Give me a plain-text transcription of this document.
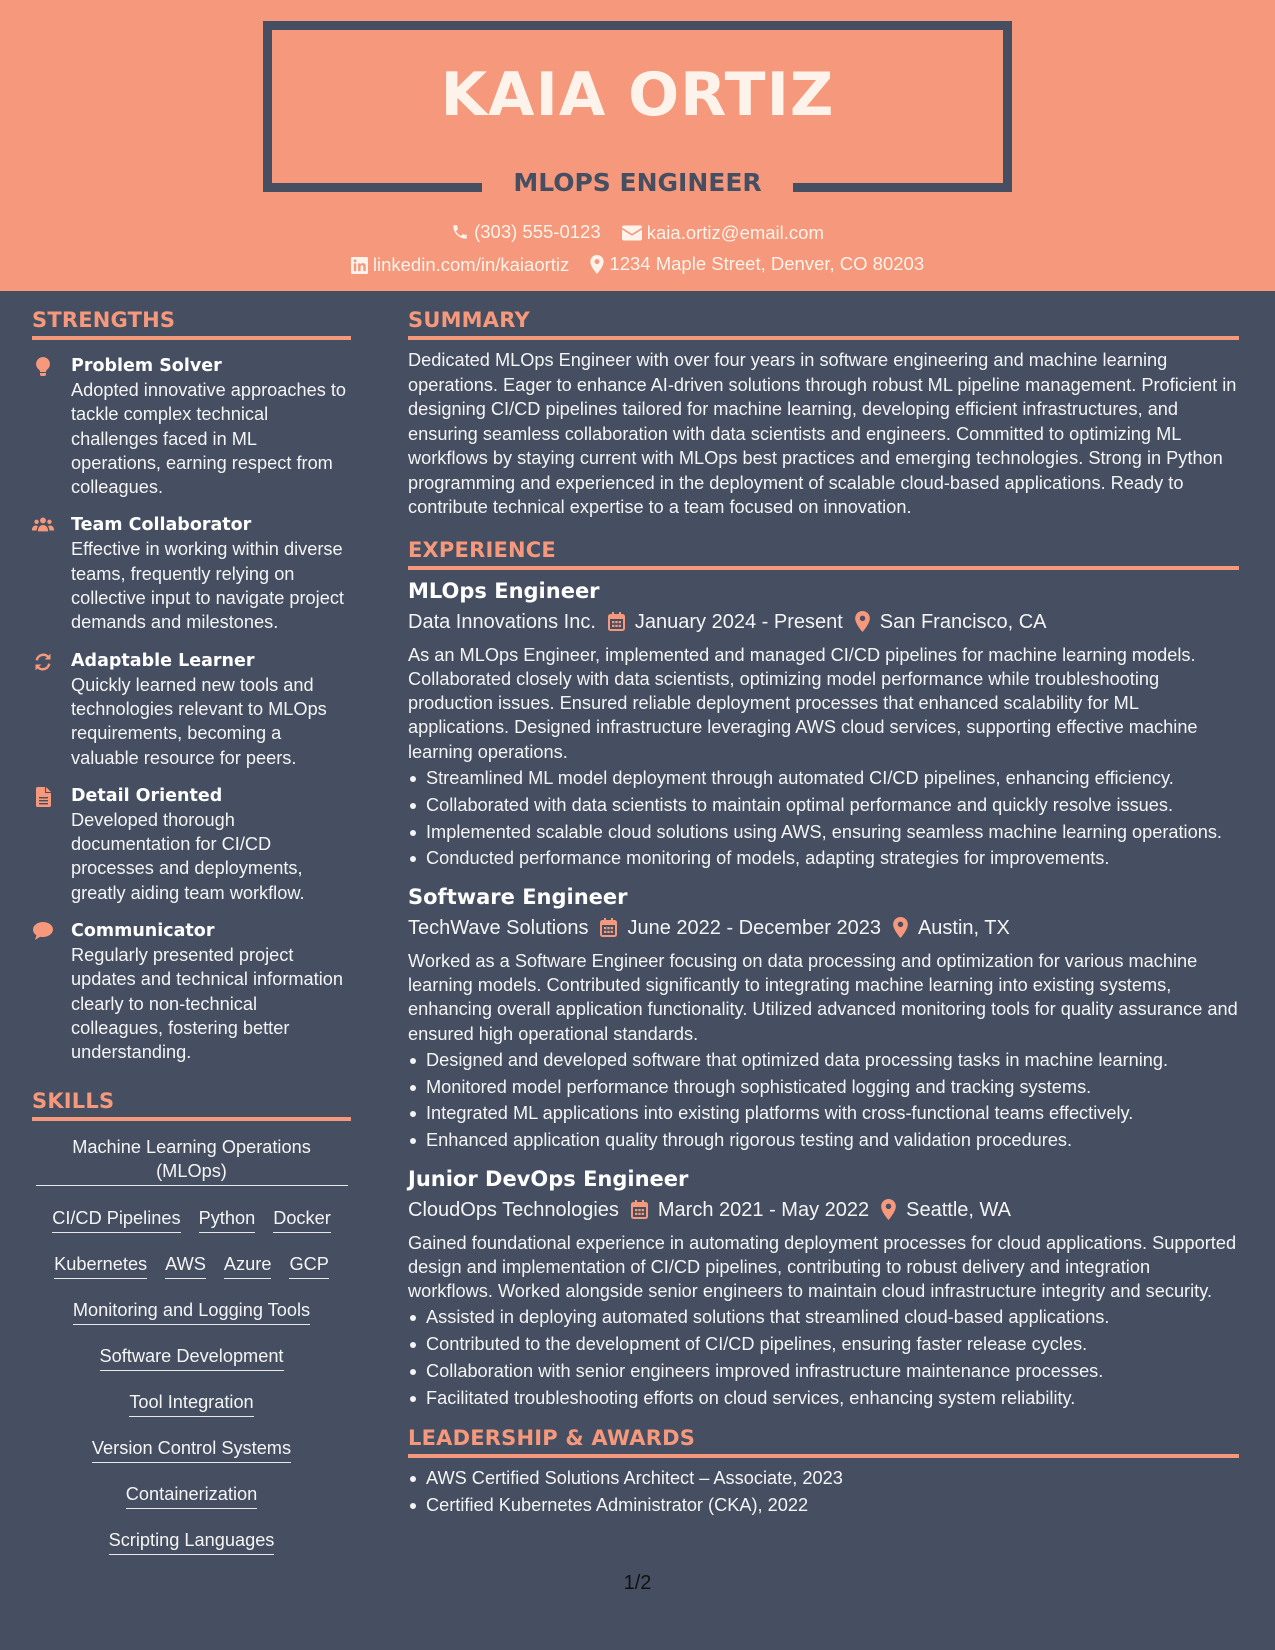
KAIA ORTIZ
MLOPS ENGINEER
(303) 555-0123
kaia.ortiz@email.com
linkedin.com/in/kaiaortiz
1234 Maple Street, Denver, CO 80203
STRENGTHS
Problem Solver
Adopted innovative approaches to tackle complex technical challenges faced in ML operations, earning respect from colleagues.
Team Collaborator
Effective in working within diverse teams, frequently relying on collective input to navigate project demands and milestones.
Adaptable Learner
Quickly learned new tools and technologies relevant to MLOps requirements, becoming a valuable resource for peers.
Detail Oriented
Developed thorough documentation for CI/CD processes and deployments, greatly aiding team workflow.
Communicator
Regularly presented project updates and technical information clearly to non-technical colleagues, fostering better understanding.
SKILLS
Machine Learning Operations (MLOps)
CI/CD Pipelines Python Docker
Kubernetes AWS Azure GCP
Monitoring and Logging Tools
Software Development
Tool Integration
Version Control Systems
Containerization
Scripting Languages
SUMMARY
Dedicated MLOps Engineer with over four years in software engineering and machine learning operations. Eager to enhance AI-driven solutions through robust ML pipeline management. Proficient in designing CI/CD pipelines tailored for machine learning, developing efficient infrastructures, and ensuring seamless collaboration with data scientists and engineers. Committed to optimizing ML workflows by staying current with MLOps best practices and emerging technologies. Strong in Python programming and experienced in the deployment of scalable cloud-based applications. Ready to contribute technical expertise to a team focused on innovation.
EXPERIENCE
MLOps Engineer
Data Innovations Inc. January 2024 - Present San Francisco, CA
As an MLOps Engineer, implemented and managed CI/CD pipelines for machine learning models. Collaborated closely with data scientists, optimizing model performance while troubleshooting production issues. Ensured reliable deployment processes that enhanced scalability for ML applications. Designed infrastructure leveraging AWS cloud services, supporting effective machine learning operations.
Streamlined ML model deployment through automated CI/CD pipelines, enhancing efficiency.
Collaborated with data scientists to maintain optimal performance and quickly resolve issues.
Implemented scalable cloud solutions using AWS, ensuring seamless machine learning operations.
Conducted performance monitoring of models, adapting strategies for improvements.
Software Engineer
TechWave Solutions June 2022 - December 2023 Austin, TX
Worked as a Software Engineer focusing on data processing and optimization for various machine learning models. Contributed significantly to integrating machine learning into existing systems, enhancing overall application functionality. Utilized advanced monitoring tools for quality assurance and ensured high operational standards.
Designed and developed software that optimized data processing tasks in machine learning.
Monitored model performance through sophisticated logging and tracking systems.
Integrated ML applications into existing platforms with cross-functional teams effectively.
Enhanced application quality through rigorous testing and validation procedures.
Junior DevOps Engineer
CloudOps Technologies March 2021 - May 2022 Seattle, WA
Gained foundational experience in automating deployment processes for cloud applications. Supported design and implementation of CI/CD pipelines, contributing to robust delivery and integration workflows. Worked alongside senior engineers to maintain cloud infrastructure integrity and security.
Assisted in deploying automated solutions that streamlined cloud-based applications.
Contributed to the development of CI/CD pipelines, ensuring faster release cycles.
Collaboration with senior engineers improved infrastructure maintenance processes.
Facilitated troubleshooting efforts on cloud services, enhancing system reliability.
LEADERSHIP & AWARDS
AWS Certified Solutions Architect – Associate, 2023
Certified Kubernetes Administrator (CKA), 2022
1/2
